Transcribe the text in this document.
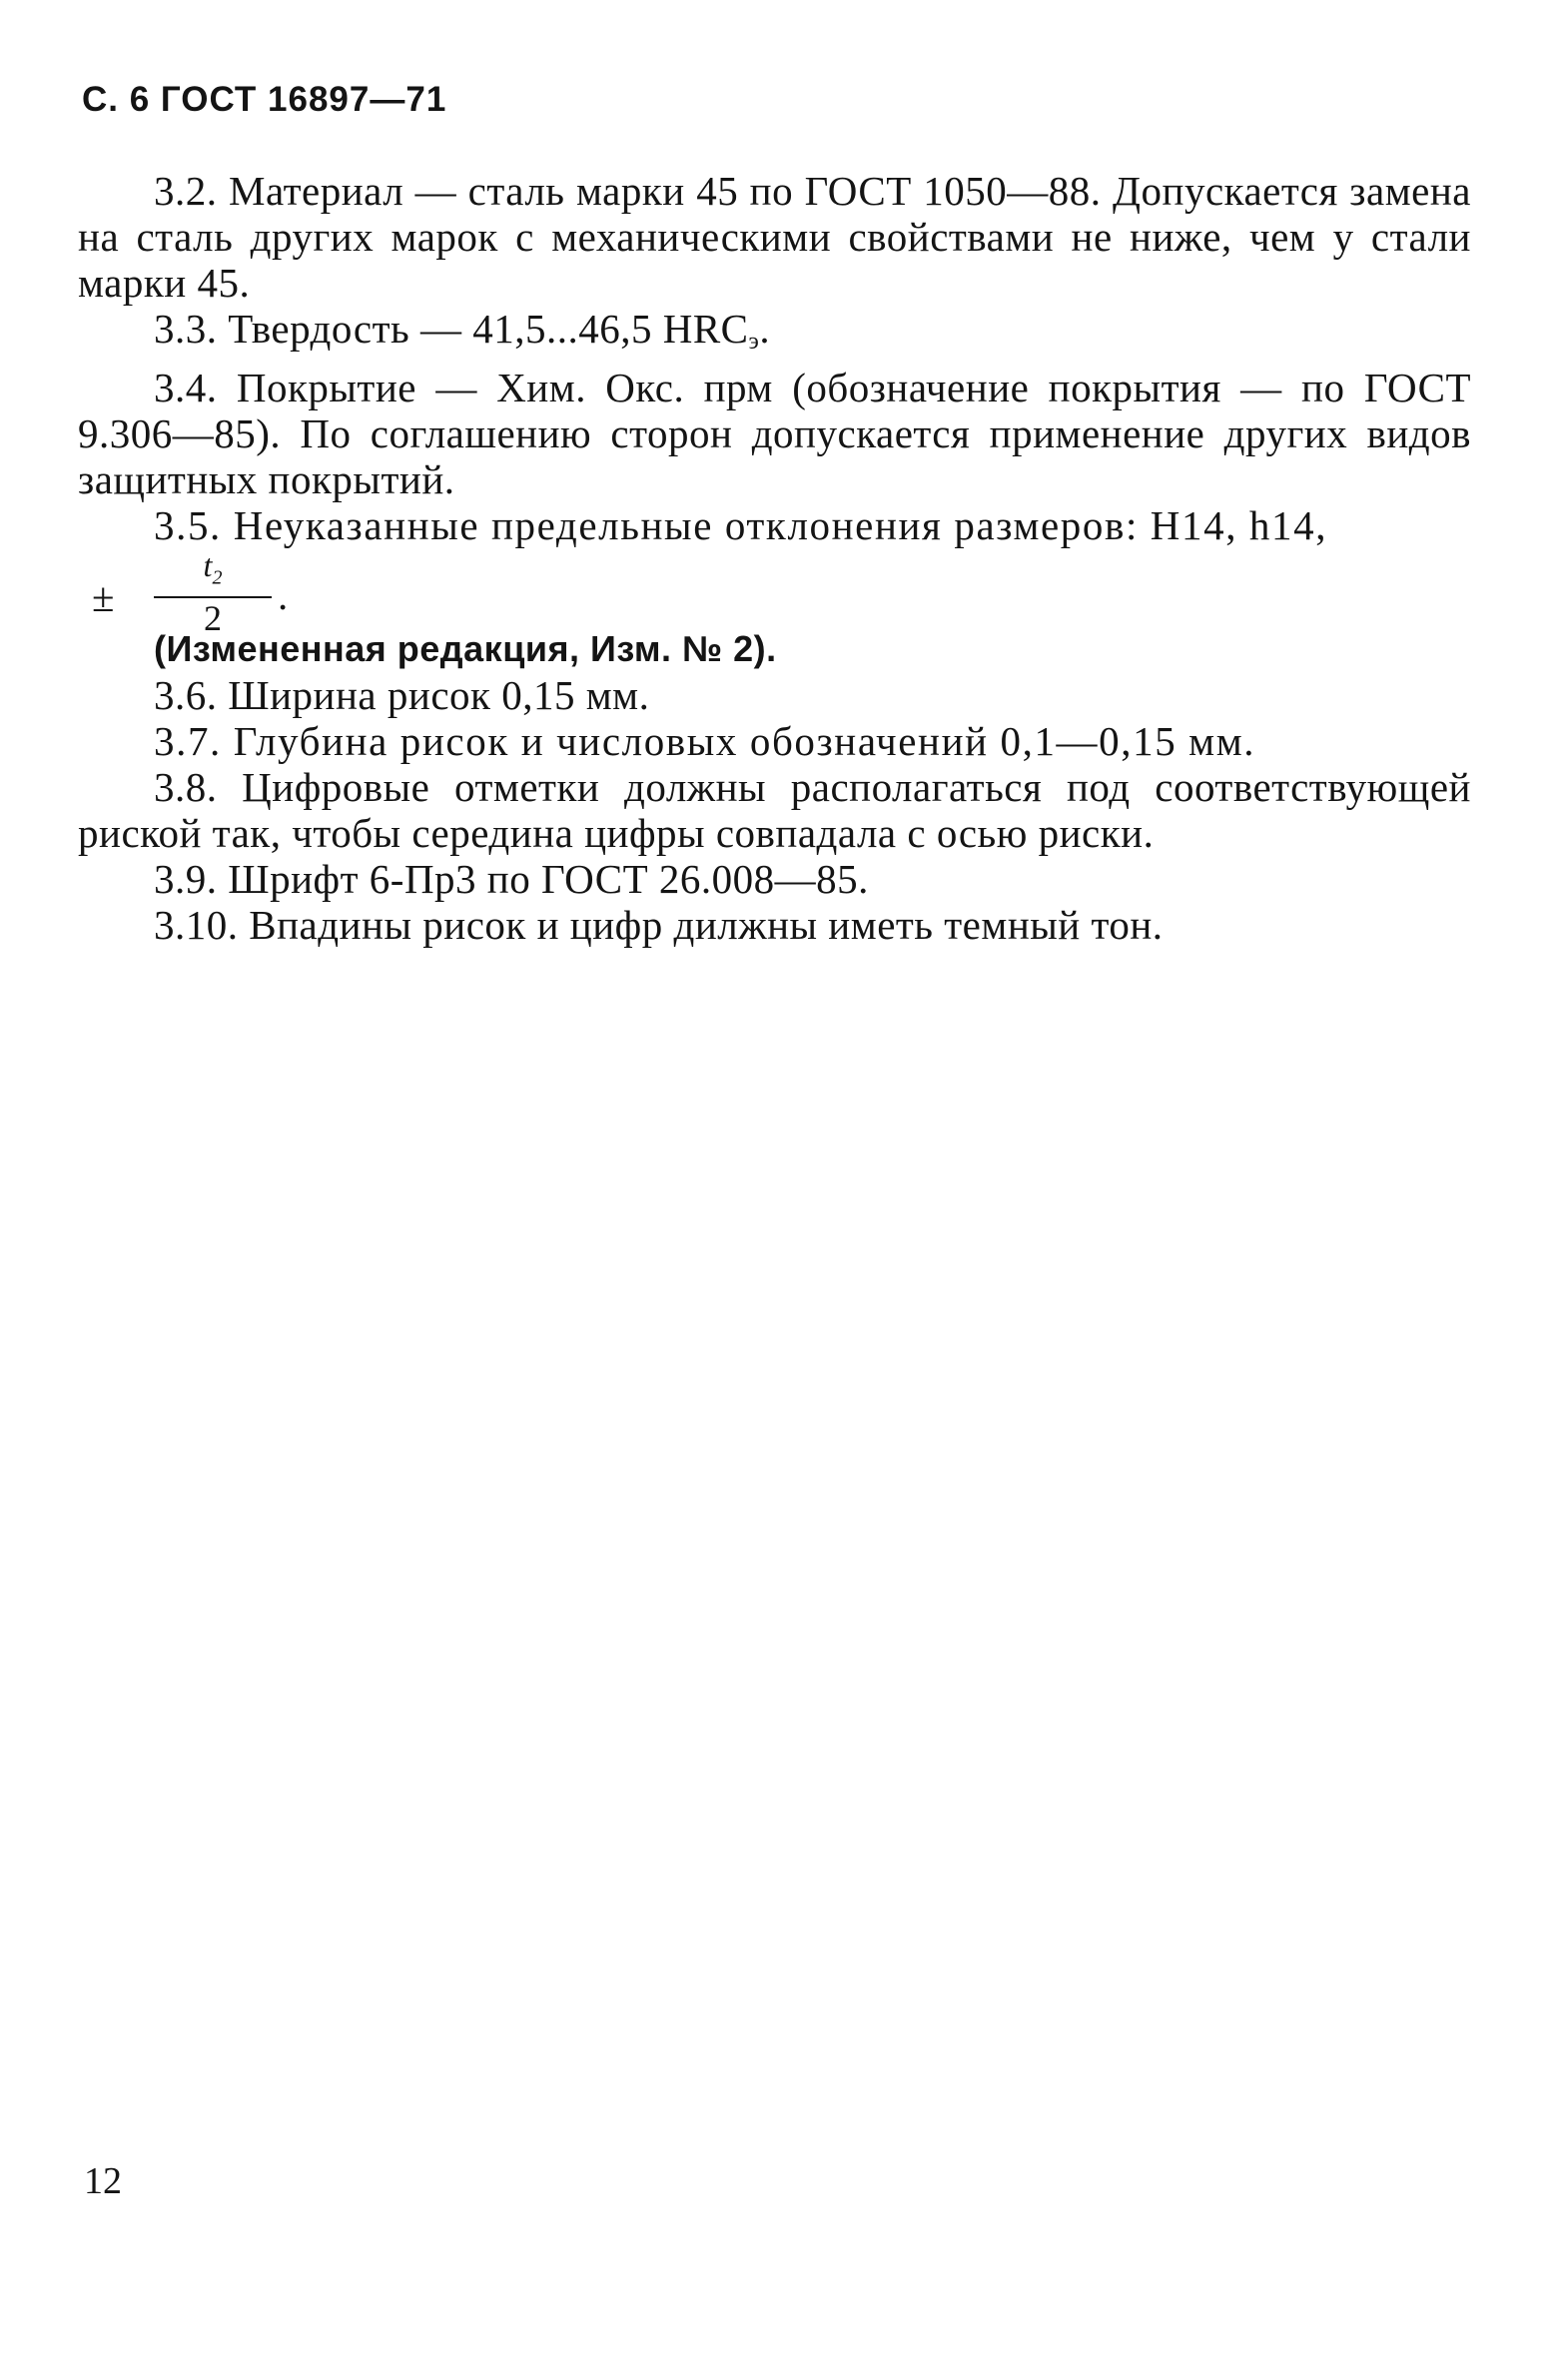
С. 6 ГОСТ 16897—71

3.2. Материал — сталь марки 45 по ГОСТ 1050—88. Допускается замена на сталь других марок с механическими свойствами не ниже, чем у стали марки 45.

3.3. Твердость — 41,5...46,5 HRCэ.

3.4. Покрытие — Хим. Окс. прм (обозначение покрытия — по ГОСТ 9.306—85). По соглашению сторон допускается применение других видов защитных покрытий.

3.5. Неуказанные предельные отклонения размеров: Н14, h14,

±
$t_2$
2
.

(Измененная редакция, Изм. № 2).

3.6. Ширина рисок 0,15 мм.

3.7. Глубина рисок и числовых обозначений 0,1—0,15 мм.

3.8. Цифровые отметки должны располагаться под соответствующей риской так, чтобы середина цифры совпадала с осью риски.

3.9. Шрифт 6-Пр3 по ГОСТ 26.008—85.

3.10. Впадины рисок и цифр дилжны иметь темный тон.

12
